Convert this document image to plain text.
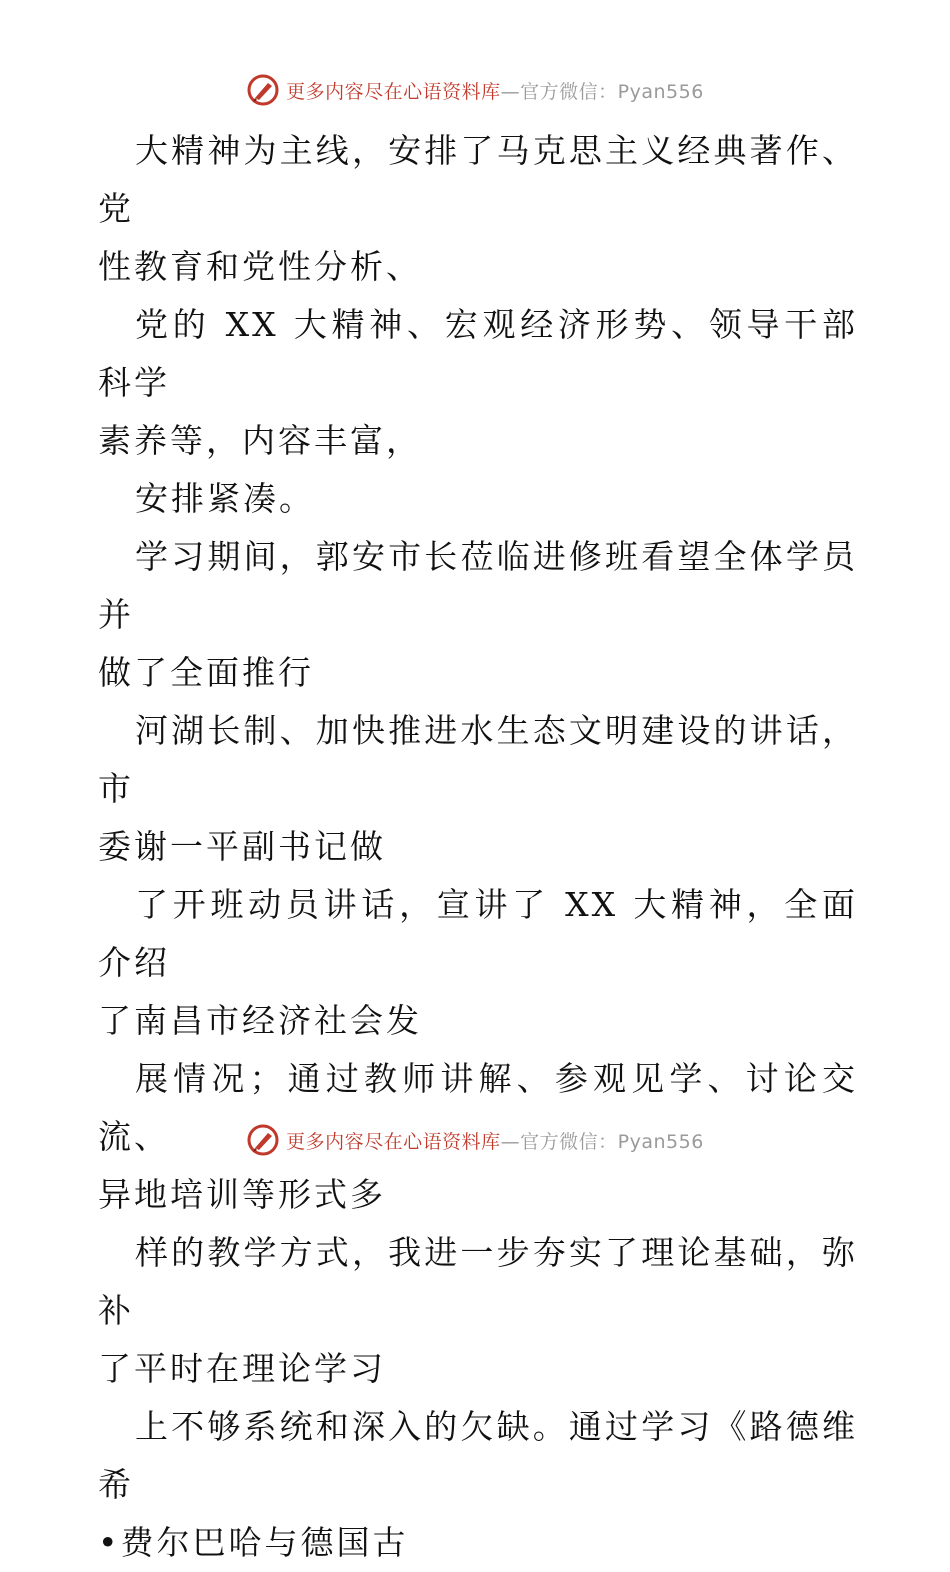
更多内容尽在心语资料库—官方微信：Pyan556

大精神为主线，安排了马克思主义经典著作、党
性教育和党性分析、

党的 XX 大精神、宏观经济形势、领导干部科学
素养等，内容丰富，

安排紧凑。

学习期间，郭安市长莅临进修班看望全体学员并
做了全面推行

河湖长制、加快推进水生态文明建设的讲话，市
委谢一平副书记做

了开班动员讲话，宣讲了 XX 大精神，全面介绍
了南昌市经济社会发

展情况；通过教师讲解、参观见学、讨论交流、
异地培训等形式多

样的教学方式，我进一步夯实了理论基础，弥补
了平时在理论学习

上不够系统和深入的欠缺。通过学习《路德维希
•费尔巴哈与德国古

更多内容尽在心语资料库—官方微信：Pyan556
